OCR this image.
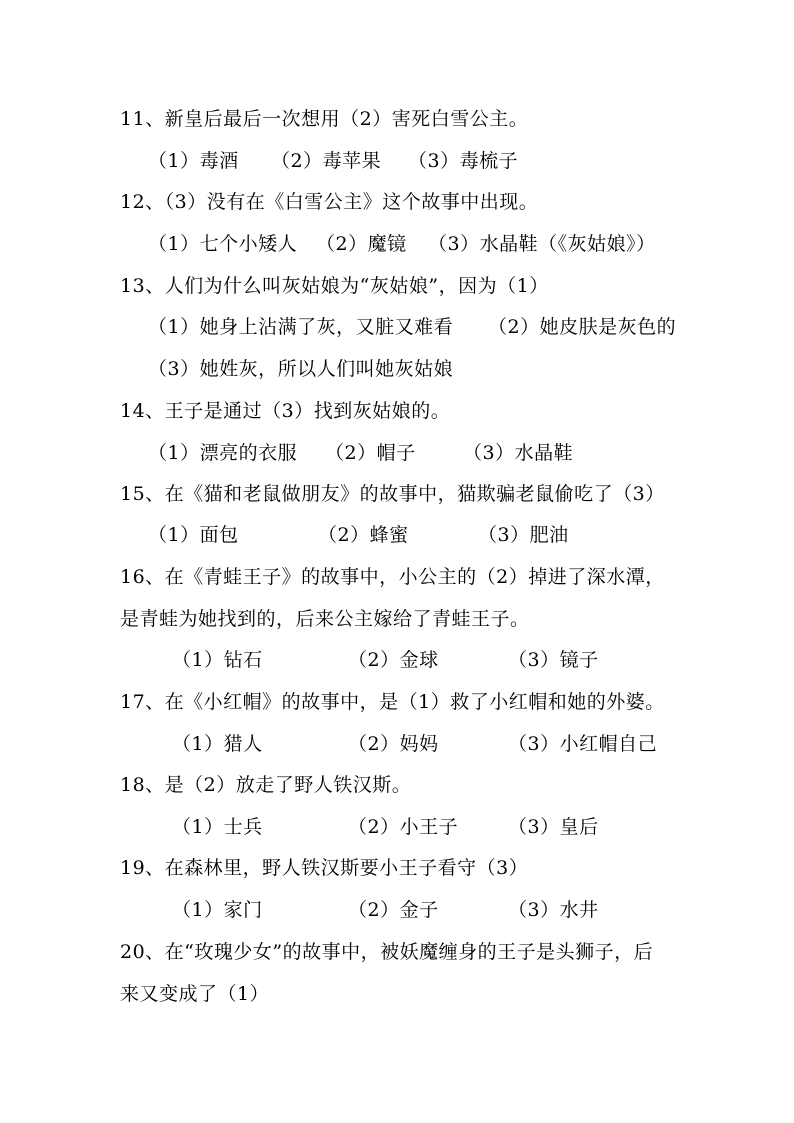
11、新皇后最后一次想用（2）害死白雪公主。
（1）毒酒 （2）毒苹果 （3）毒梳子
12、（3）没有在《白雪公主》这个故事中出现。
（1）七个小矮人 （2）魔镜 （3）水晶鞋（《灰姑娘》）
13、人们为什么叫灰姑娘为“灰姑娘”，因为（1）
（1）她身上沾满了灰，又脏又难看 （2）她皮肤是灰色的
（3）她姓灰，所以人们叫她灰姑娘
14、王子是通过（3）找到灰姑娘的。
（1）漂亮的衣服 （2）帽子 （3）水晶鞋
15、在《猫和老鼠做朋友》的故事中，猫欺骗老鼠偷吃了（3）
（1）面包	（2）蜂蜜	（3）肥油
16、在《青蛙王子》的故事中，小公主的（2）掉进了深水潭，
是青蛙为她找到的，后来公主嫁给了青蛙王子。
（1）钻石	（2）金球	（3）镜子
17、在《小红帽》的故事中，是（1）救了小红帽和她的外婆。
（1）猎人	（2）妈妈	（3）小红帽自己
18、是（2）放走了野人铁汉斯。
（1）士兵	（2）小王子	（3）皇后
19、在森林里，野人铁汉斯要小王子看守（3）
（1）家门	（2）金子	（3）水井
20、在“玫瑰少女”的故事中，被妖魔缠身的王子是头狮子，后
来又变成了（1）
